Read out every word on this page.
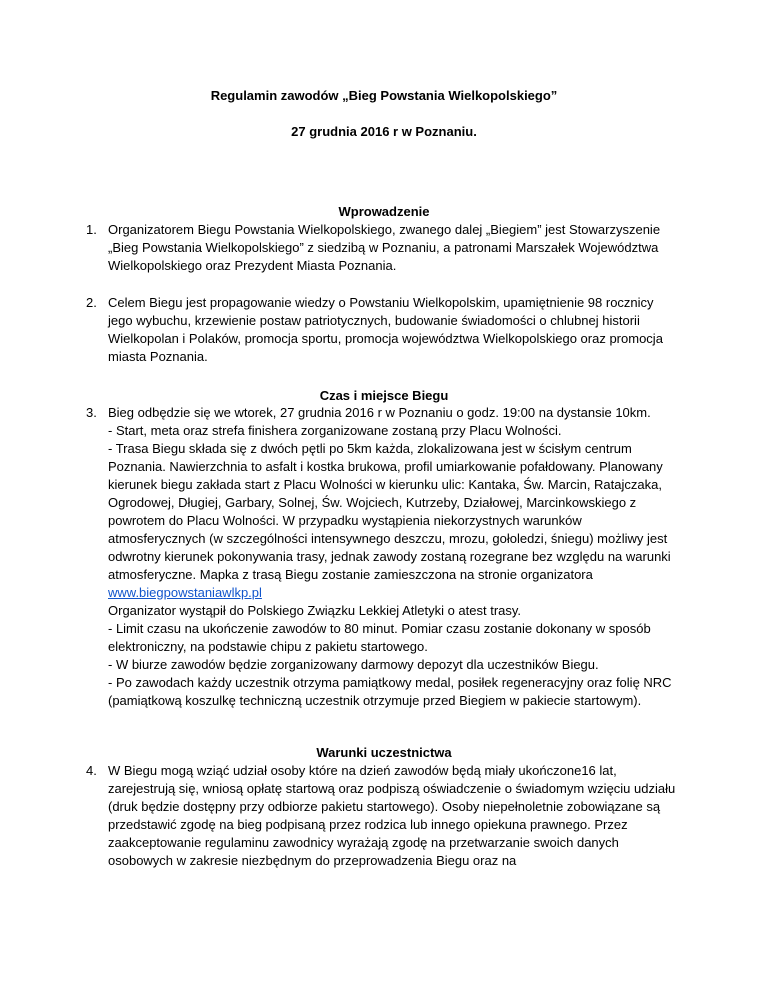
Regulamin zawodów „Bieg Powstania Wielkopolskiego”
27 grudnia 2016 r w Poznaniu.
Wprowadzenie
1. Organizatorem Biegu Powstania Wielkopolskiego, zwanego dalej „Biegiem” jest Stowarzyszenie „Bieg Powstania Wielkopolskiego” z siedzibą w Poznaniu, a patronami Marszałek Województwa Wielkopolskiego oraz Prezydent Miasta Poznania.

2. Celem Biegu jest propagowanie wiedzy o Powstaniu Wielkopolskim, upamiętnienie 98 rocznicy jego wybuchu, krzewienie postaw patriotycznych, budowanie świadomości o chlubnej historii Wielkopolan i Polaków, promocja sportu, promocja województwa Wielkopolskiego oraz promocja miasta Poznania.

Czas i miejsce Biegu
3. Bieg odbędzie się we wtorek, 27 grudnia 2016 r w Poznaniu o godz. 19:00 na dystansie 10km.

- Start, meta oraz strefa finishera zorganizowane zostaną przy Placu Wolności.

- Trasa Biegu składa się z dwóch pętli po 5km każda, zlokalizowana jest w ścisłym centrum Poznania. Nawierzchnia to asfalt i kostka brukowa, profil umiarkowanie pofałdowany. Planowany kierunek biegu zakłada start z Placu Wolności w kierunku ulic: Kantaka, Św. Marcin, Ratajczaka, Ogrodowej, Długiej, Garbary, Solnej, Św. Wojciech, Kutrzeby, Działowej, Marcinkowskiego z powrotem do Placu Wolności. W przypadku wystąpienia niekorzystnych warunków atmosferycznych (w szczególności intensywnego deszczu, mrozu, gołoledzi, śniegu) możliwy jest odwrotny kierunek pokonywania trasy, jednak zawody zostaną rozegrane bez względu na warunki atmosferyczne. Mapka z trasą Biegu zostanie zamieszczona na stronie organizatora www.biegpowstaniawlkp.pl

Organizator wystąpił do Polskiego Związku Lekkiej Atletyki o atest trasy.

- Limit czasu na ukończenie zawodów to 80 minut. Pomiar czasu zostanie dokonany w sposób elektroniczny, na podstawie chipu z pakietu startowego.

- W biurze zawodów będzie zorganizowany darmowy depozyt dla uczestników Biegu.

- Po zawodach każdy uczestnik otrzyma pamiątkowy medal, posiłek regeneracyjny oraz folię NRC (pamiątkową koszulkę techniczną uczestnik otrzymuje przed Biegiem w pakiecie startowym).

Warunki uczestnictwa
4. W Biegu mogą wziąć udział osoby które na dzień zawodów będą miały ukończone16 lat, zarejestrują się, wniosą opłatę startową oraz podpiszą oświadczenie o świadomym wzięciu udziału (druk będzie dostępny przy odbiorze pakietu startowego). Osoby niepełnoletnie zobowiązane są przedstawić zgodę na bieg podpisaną przez rodzica lub innego opiekuna prawnego. Przez zaakceptowanie regulaminu zawodnicy wyrażają zgodę na przetwarzanie swoich danych osobowych w zakresie niezbędnym do przeprowadzenia Biegu oraz na
